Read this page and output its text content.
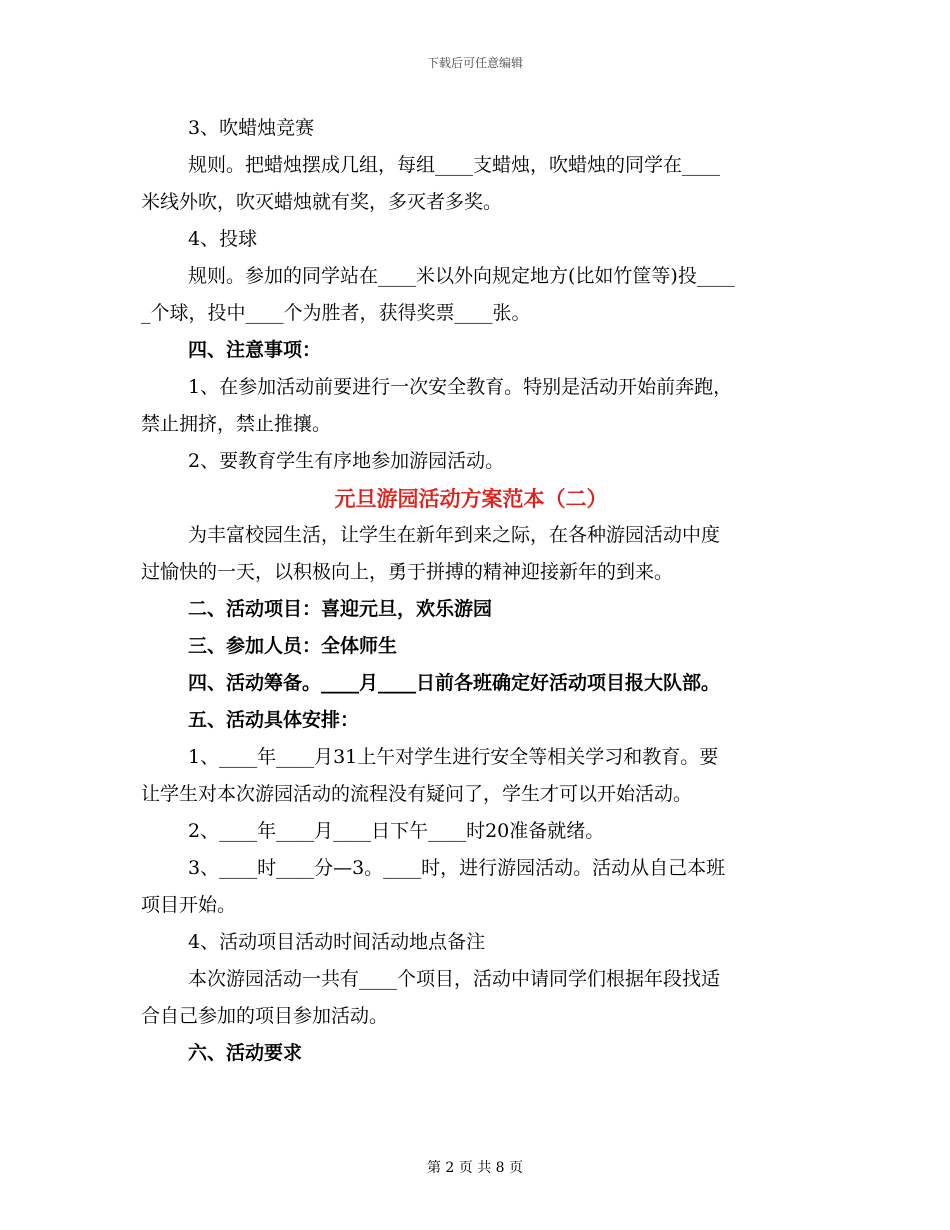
下载后可任意编辑
3、吹蜡烛竞赛
规则。把蜡烛摆成几组，每组____支蜡烛，吹蜡烛的同学在____
米线外吹，吹灭蜡烛就有奖，多灭者多奖。
4、投球
规则。参加的同学站在____米以外向规定地方(比如竹筐等)投____
_个球，投中____个为胜者，获得奖票____张。
四、注意事项：
1、在参加活动前要进行一次安全教育。特别是活动开始前奔跑，
禁止拥挤，禁止推攘。
2、要教育学生有序地参加游园活动。
元旦游园活动方案范本（二）
为丰富校园生活，让学生在新年到来之际，在各种游园活动中度
过愉快的一天，以积极向上，勇于拼搏的精神迎接新年的到来。
二、活动项目：喜迎元旦，欢乐游园
三、参加人员：全体师生
四、活动筹备。____月____日前各班确定好活动项目报大队部。
五、活动具体安排：
1、____年____月31上午对学生进行安全等相关学习和教育。要
让学生对本次游园活动的流程没有疑问了，学生才可以开始活动。
2、____年____月____日下午____时20准备就绪。
3、____时____分—3。____时，进行游园活动。活动从自己本班
项目开始。
4、活动项目活动时间活动地点备注
本次游园活动一共有____个项目，活动中请同学们根据年段找适
合自己参加的项目参加活动。
六、活动要求
第 2 页 共 8 页
